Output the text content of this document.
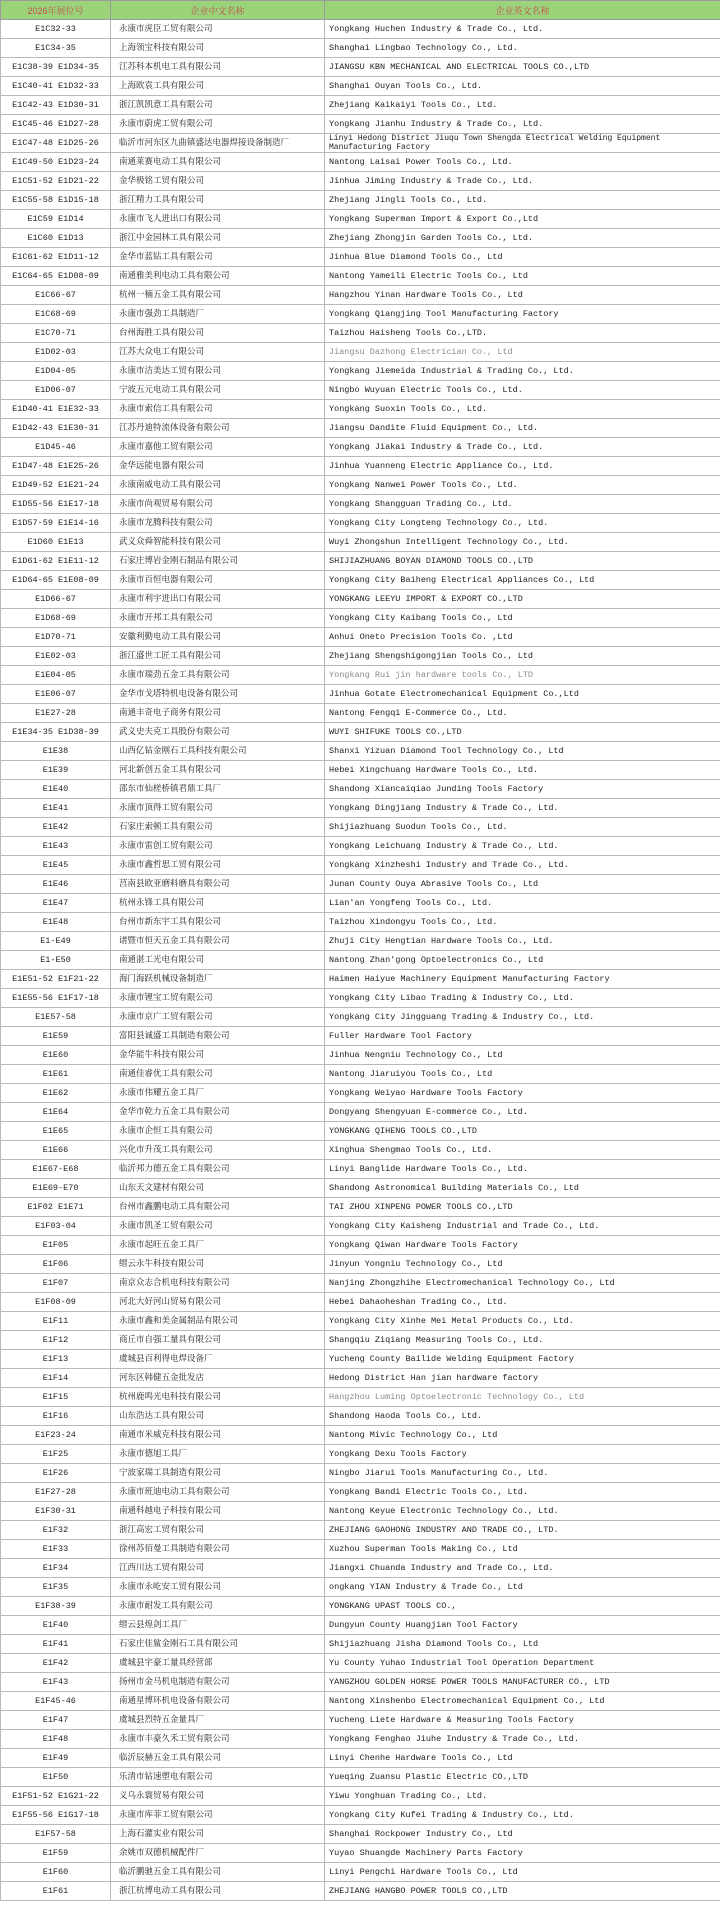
2026年展位号	企业中文名称	企业英文名称
E1C32-33	永康市虎臣工贸有限公司	Yongkang Huchen Industry & Trade Co., Ltd.
E1C34-35	上海领宝科技有限公司	Shanghai Lingbao Technology Co., Ltd.
E1C38-39 E1D34-35	江苏科本机电工具有限公司	JIANGSU KBN MECHANICAL AND ELECTRICAL TOOLS CO.,LTD
E1C40-41 E1D32-33	上海欧袁工具有限公司	Shanghai Ouyan Tools Co., Ltd.
E1C42-43 E1D30-31	浙江凯凯意工具有限公司	Zhejiang Kaikaiyi Tools Co., Ltd.
E1C45-46 E1D27-28	永康市蔚虎工贸有限公司	Yongkang Jianhu Industry & Trade Co., Ltd.
E1C47-48 E1D25-26	临沂市河东区九曲镇盛达电器焊接设备制造厂	Linyi Hedong District Jiuqu Town Shengda Electrical Welding Equipment Manufacturing Factory
E1C49-50 E1D23-24	南通莱赛电动工具有限公司	Nantong Laisai Power Tools Co., Ltd.
E1C51-52 E1D21-22	金华极铭工贸有限公司	Jinhua Jiming Industry & Trade Co., Ltd.
E1C55-58 E1D15-18	浙江精力工具有限公司	Zhejiang Jingli Tools Co., Ltd.
E1C59 E1D14	永康市飞人进出口有限公司	Yongkang Superman Import & Export Co.,Ltd
E1C60 E1D13	浙江中金园林工具有限公司	Zhejiang Zhongjin Garden Tools Co., Ltd.
E1C61-62 E1D11-12	金华市蓝钻工具有限公司	Jinhua Blue Diamond Tools Co., Ltd
E1C64-65 E1D08-09	南通雅美利电动工具有限公司	Nantong Yameili Electric Tools Co., Ltd
E1C66-67	杭州一楠五金工具有限公司	Hangzhou Yinan Hardware Tools Co., Ltd
E1C68-69	永康市强劲工具制造厂	Yongkang Qiangjing Tool Manufacturing Factory
E1C70-71	台州海胜工具有限公司	Taizhou Haisheng Tools Co.,LTD.
E1D02-03	江苏大众电工有限公司	Jiangsu Dazhong Electrician Co., Ltd
E1D04-05	永康市洁美达工贸有限公司	Yongkang Jiemeida Industrial & Trading Co., Ltd.
E1D06-07	宁波五元电动工具有限公司	Ningbo Wuyuan Electric Tools Co., Ltd.
E1D40-41 E1E32-33	永康市索信工具有限公司	Yongkang Suoxin Tools Co., Ltd.
E1D42-43 E1E30-31	江苏丹迪特流体设备有限公司	Jiangsu Dandite Fluid Equipment Co., Ltd.
E1D45-46	永康市嘉他工贸有限公司	Yongkang Jiakai Industry & Trade Co., Ltd.
E1D47-48 E1E25-26	金华远能电器有限公司	Jinhua Yuanneng Electric Appliance Co., Ltd.
E1D49-52 E1E21-24	永康南威电动工具有限公司	Yongkang Nanwei Power Tools Co., Ltd.
E1D55-56 E1E17-18	永康市尚观贸易有限公司	Yongkang Shangguan Trading Co., Ltd.
E1D57-59 E1E14-16	永康市龙腾科技有限公司	Yongkang City Longteng Technology Co., Ltd.
E1D60 E1E13	武义众舜智能科技有限公司	Wuyi Zhongshun Intelligent Technology Co., Ltd.
E1D61-62 E1E11-12	石家庄博岩金刚石制品有限公司	SHIJIAZHUANG BOYAN DIAMOND TOOLS CO.,LTD
E1D64-65 E1E08-09	永康市百恒电器有限公司	Yongkang City Baiheng Electrical Appliances Co., Ltd
E1D66-67	永康市利宇进出口有限公司	YONGKANG LEEYU IMPORT & EXPORT CO.,LTD
E1D68-69	永康市开邦工具有限公司	Yongkang City Kaibang Tools Co., Ltd
E1D70-71	安徽利勤电动工具有限公司	Anhui Oneto Precision Tools Co. ,Ltd
E1E02-03	浙江盛世工匠工具有限公司	Zhejiang Shengshigongjian Tools Co., Ltd
E1E04-05	永康市瑞劲五金工具有限公司	Yongkang Rui jin hardware tools Co., LTD
E1E06-07	金华市戈塔特机电设备有限公司	Jinhua Gotate Electromechanical Equipment Co.,Ltd
E1E27-28	南通丰奇电子商务有限公司	Nantong Fengqi E-Commerce Co., Ltd.
E1E34-35 E1D38-39	武义史夫克工具股份有限公司	WUYI SHIFUKE TOOLS CO.,LTD
E1E38	山西亿钻金刚石工具科技有限公司	Shanxi Yizuan Diamond Tool Technology Co., Ltd
E1E39	河北新创五金工具有限公司	Hebei Xingchuang Hardware Tools Co., Ltd.
E1E40	邵东市仙槎桥镇君鼎工具厂	Shandong Xiancaiqiao Junding Tools Factory
E1E41	永康市顶得工贸有限公司	Yongkang Dingjiang Industry & Trade Co., Ltd.
E1E42	石家庄索顿工具有限公司	Shijiazhuang Suodun Tools Co., Ltd.
E1E43	永康市雷创工贸有限公司	Yongkang Leichuang Industry & Trade Co., Ltd.
E1E45	永康市鑫哲思工贸有限公司	Yongkang Xinzheshi Industry and Trade Co., Ltd.
E1E46	莒南县欧亚磨料磨具有限公司	Junan County Ouya Abrasive Tools Co., Ltd
E1E47	杭州永锋工具有限公司	Lian'an Yongfeng Tools Co., Ltd.
E1E48	台州市新东宇工具有限公司	Taizhou Xindongyu Tools Co., Ltd.
E1-E49	诸暨市恒天五金工具有限公司	Zhuji City Hengtian Hardware Tools Co., Ltd.
E1-E50	南通湛工光电有限公司	Nantong Zhan'gong Optoelectronics Co., Ltd
E1E51-52 E1F21-22	海门海跃机械设备制造厂	Haimen Haiyue Machinery Equipment Manufacturing Factory
E1E55-56 E1F17-18	永康市锂宝工贸有限公司	Yongkang City Libao Trading & Industry Co., Ltd.
E1E57-58	永康市京广工贸有限公司	Yongkang City Jingguang Trading & Industry Co., Ltd.
E1E59	富阳县诚盛工具制造有限公司	Fuller Hardware Tool Factory
E1E60	金华能牛科技有限公司	Jinhua Nengniu Technology Co., Ltd
E1E61	南通佳睿优工具有限公司	Nantong Jiaruiyou Tools Co., Ltd
E1E62	永康市伟耀五金工具厂	Yongkang Weiyao Hardware Tools Factory
E1E64	金华市乾力五金工具有限公司	Dongyang Shengyuan E-commerce Co., Ltd.
E1E65	永康市企恒工具有限公司	YONGKANG QIHENG TOOLS CO.,LTD
E1E66	兴化市升茂工具有限公司	Xinghua Shengmao Tools Co., Ltd.
E1E67-E68	临沂邦力德五金工具有限公司	Linyi Banglide Hardware Tools Co., Ltd.
E1E69-E70	山东天文建材有限公司	Shandong Astronomical Building Materials Co., Ltd
E1F02 E1E71	台州市鑫鹏电动工具有限公司	TAI ZHOU XINPENG POWER TOOLS CO.,LTD
E1F03-04	永康市凯圣工贸有限公司	Yongkang City Kaisheng Industrial and Trade Co., Ltd.
E1F05	永康市起旺五金工具厂	Yongkang Qiwan Hardware Tools Factory
E1F06	缙云永牛科技有限公司	Jinyun Yongniu Technology Co., Ltd
E1F07	南京众志合机电科技有限公司	Nanjing Zhongzhihe Electromechanical Technology Co., Ltd
E1F08-09	河北大好河山贸易有限公司	Hebei Dahaoheshan Trading Co., Ltd.
E1F11	永康市鑫和美金属制品有限公司	Yongkang City Xinhe Mei Metal Products Co., Ltd.
E1F12	商丘市自强工量具有限公司	Shangqiu Ziqiang Measuring Tools Co., Ltd.
E1F13	虞城县百利得电焊设备厂	Yucheng County Bailide Welding Equipment Factory
E1F14	河东区韩健五金批发店	Hedong District Han jian hardware factory
E1F15	杭州鹿鸣光电科技有限公司	Hangzhou Luming Optoelectronic Technology Co., Ltd
E1F16	山东浩达工具有限公司	Shandong Haoda Tools Co., Ltd.
E1F23-24	南通市米威克科技有限公司	Nantong Mivic Technology Co., Ltd
E1F25	永康市德旭工具厂	Yongkang Dexu Tools Factory
E1F26	宁波家瑞工具制造有限公司	Ningbo Jiarui Tools Manufacturing Co., Ltd.
E1F27-28	永康市班迪电动工具有限公司	Yongkang Bandi Electric Tools Co., Ltd.
E1F30-31	南通科越电子科技有限公司	Nantong Keyue Electronic Technology Co., Ltd.
E1F32	浙江高宏工贸有限公司	ZHEJIANG GAOHONG INDUSTRY AND TRADE CO., LTD.
E1F33	徐州苏佰曼工具制造有限公司	Xuzhou Superman Tools Making Co., Ltd
E1F34	江西川达工贸有限公司	Jiangxi Chuanda Industry and Trade Co., Ltd.
E1F35	永康市永屹安工贸有限公司	ongkang YIAN Industry & Trade Co., Ltd
E1F38-39	永康市耐发工具有限公司	YONGKANG UPAST TOOLS CO.,
E1F40	缙云县煌剑工具厂	Dungyun County Huangjian Tool Factory
E1F41	石家庄佳鲨金刚石工具有限公司	Shijiazhuang Jisha Diamond Tools Co., Ltd
E1F42	虞城县宇豪工量具经营部	Yu County Yuhao Industrial Tool Operation Department
E1F43	扬州市金马机电制造有限公司	YANGZHOU GOLDEN HORSE POWER TOOLS MANUFACTURER CO., LTD
E1F45-46	南通星博环机电设备有限公司	Nantong Xinshenbo Electromechanical Equipment Co., Ltd
E1F47	虞城县烈特五金量具厂	Yucheng Liete Hardware & Measuring Tools Factory
E1F48	永康市丰豪久禾工贸有限公司	Yongkang Fenghao Jiuhe Industry & Trade Co., Ltd.
E1F49	临沂辰赫五金工具有限公司	Linyi Chenhe Hardware Tools Co., Ltd
E1F50	乐清市钻速塑电有限公司	Yueqing Zuansu Plastic Electric CO.,LTD
E1F51-52 E1G21-22	义乌永寰贸易有限公司	Yiwu Yonghuan Trading Co., Ltd.
E1F55-56 E1G17-18	永康市库菲工贸有限公司	Yongkang City Kufei Trading & Industry Co., Ltd.
E1F57-58	上海石灌实业有限公司	Shanghai Rockpower Industry Co., Ltd
E1F59	余姚市双德机械配件厂	Yuyao Shuangde Machinery Parts Factory
E1F60	临沂鹏驰五金工具有限公司	Linyi Pengchi Hardware Tools Co., Ltd
E1F61	浙江杭博电动工具有限公司	ZHEJIANG HANGBO POWER TOOLS CO.,LTD
